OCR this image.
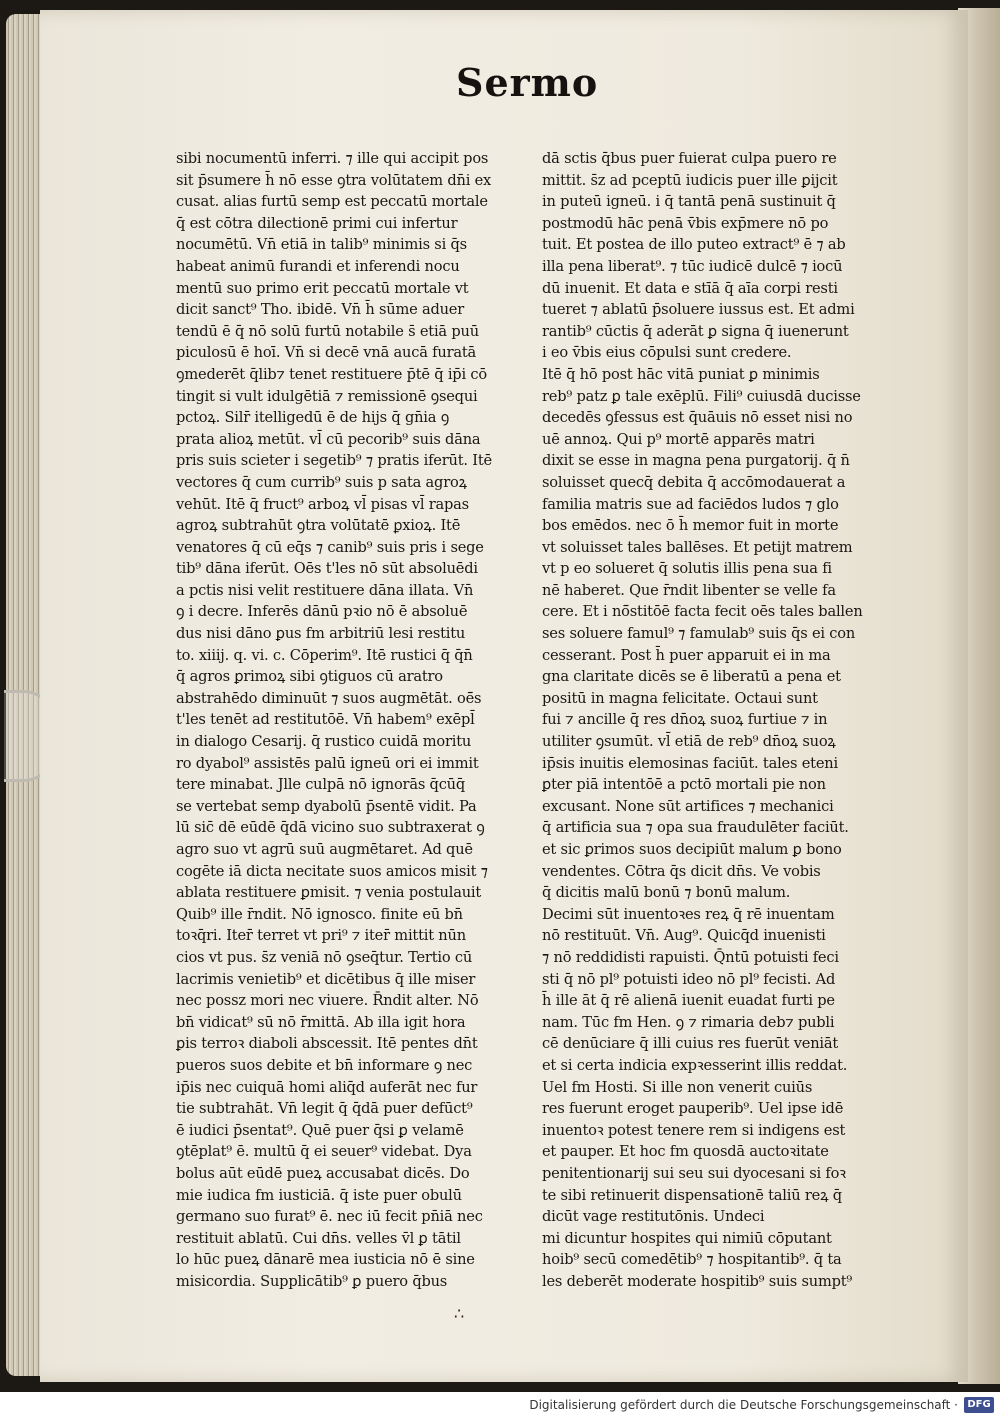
Sermo
sibi nocumentū inferri. ⁊ ille qui accipit pos
sit p̄sumere h̄ nō esse ꝯtra volūtatem dn̄i ex
cusat. alias furtū semp est peccatū mortale
q̄ est cōtra dilectionē primi cui infertur
nocumētū. Vn̄ etiā in talib⁹ minimis si q̄s
habeat animū furandi et inferendi nocu
mentū suo primo erit peccatū mortale vt
dicit sanct⁹ Tho. ibidē. Vn̄ h̄ sūme aduer
tendū ē q̄ nō solū furtū notabile s̄ etiā puū
piculosū ē hoī. Vn̄ si decē vnā aucā furatā
ꝯmederēt q̄lib⁊ tenet restituere p̄tē q̄ ip̄i cō
tingit si vult idulgētiā ⁊ remissionē ꝯsequi
pctoꝝ. Silr̄ itelligedū ē de hijs q̄ gn̄ia ꝯ
prata alioꝝ metūt. vl̄ cū pecorib⁹ suis dāna
pris suis scieter i segetib⁹ ⁊ pratis iferūt. Itē
vectores q̄ cum currib⁹ suis p sata agroꝝ
vehūt. Itē q̄ fruct⁹ arboꝝ vl̄ pisas vl̄ rapas
agroꝝ subtrahūt ꝯtra volūtatē ꝑxioꝝ. Itē
venatores q̄ cū eq̄s ⁊ canib⁹ suis pris i sege
tib⁹ dāna iferūt. Oēs t'les nō sūt absoluēdi
a pctis nisi velit restituere dāna illata. Vn̄
ꝯ i decre. Inferēs dānū pꝛio nō ē absoluē
dus nisi dāno ꝑus fm arbitriū lesi restitu
to. xiiij. q. vi. c. Cōperim⁹. Itē rustici q̄ q̄n̄
q̄ agros ꝑrimoꝝ sibi ꝯtiguos cū aratro
abstrahēdo diminuūt ⁊ suos augmētāt. oē̄s
t'les tenēt ad restitutōē. Vn̄ habem⁹ exēpl̄
in dialogo Cesarij. q̄ rustico cuidā moritu
ro dyabol⁹ assistēs palū igneū ori ei immit
tere minabat. Jlle culpā nō ignorās q̄cūq̄
se vertebat semp dyabolū p̄sentē vidit. Pa
lū sic̄ dē eūdē q̄dā vicino suo subtraxerat ꝯ
agro suo vt agrū suū augmētaret. Ad quē
cogēte iā dicta necitate suos amicos misit ⁊
ablata restituere ꝑmisit. ⁊ venia postulauit
Quib⁹ ille r̄ndit. Nō ignosco. finite eū bn̄
toꝛq̄ri. Iter̄ terret vt pri⁹ ⁊ iter̄ mittit nūn
cios vt pus. s̄z veniā nō ꝯseq̄tur. Tertio cū
lacrimis venietib⁹ et dicētibus q̄ ille miser
nec possz mori nec viuere. R̄ndit alter. Nō
bn̄ vidicat⁹ sū nō r̄mittā. Ab illa igit hora
ꝑis terroꝛ diaboli abscessit. Itē pentes dn̄t
pueros suos debite et bn̄ informare ꝯ nec
ip̄is nec cuiquā homi aliq̄d auferāt nec fur
tie subtrahāt. Vn̄ legit q̄ q̄dā puer defūct⁹
ē iudici p̄sentat⁹. Quē puer q̄si ꝑ velamē
ꝯtēplat⁹ ē. multū q̄ ei seuer⁹ videbat. Dya
bolus aūt eūdē pueꝝ accusabat dicēs. Do
mie iudica fm iusticiā. q̄ iste puer obulū
germano suo furat⁹ ē. nec iū fecit pn̄iā nec
restituit ablatū. Cui dn̄s. velles v̄l ꝑ tātil
lo hūc pueꝝ dānarē mea iusticia nō ē sine
misicordia. Supplicātib⁹ ꝑ puero q̄bus
dā sctis q̄bus puer fuierat culpa puero re
mittit. s̄z ad pceptū iudicis puer ille ꝑijcit
in puteū igneū. i q̄ tantā penā sustinuit q̄
postmodū hāc penā v̄bis exp̄mere nō po
tuit. Et postea de illo puteo extract⁹ ē ⁊ ab
illa pena liberat⁹. ⁊ tūc iudicē dulcē ⁊ iocū
dū inuenit. Et data e stīā q̄ aīa corpi resti
tueret ⁊ ablatū p̄soluere iussus est. Et admi
rantib⁹ cūctis q̄ aderāt ꝑ signa q̄ iuenerunt
i eo v̄bis eius cōpulsi sunt credere.
Itē q̄ hō post hāc vitā puniat ꝑ minimis
reb⁹ patz ꝑ tale exēplū. Fili⁹ cuiusdā ducisse
decedēs ꝯfessus est q̄uāuis nō esset nisi no
uē annoꝝ. Qui p⁹ mortē apparēs matri
dixit se esse in magna pena purgatorij. q̄ n̄
soluisset quecq̄ debita q̄ accōmodauerat a
familia matris sue ad faciēdos ludos ⁊ glo
bos emēdos. nec ō h̄ memor fuit in morte
vt soluisset tales ballēses. Et petijt matrem
vt p eo solueret q̄ solutis illis pena sua fi
nē haberet. Que r̄ndit libenter se velle fa
cere. Et i nō̄stitōē facta fecit oēs tales ballen
ses soluere famul⁹ ⁊ famulab⁹ suis q̄s ei con
cesserant. Post h̄ puer apparuit ei in ma
gna claritate dicēs se ē liberatū a pena et
positū in magna felicitate. Octaui sunt
fui ⁊ ancille q̄ res dn̄oꝝ suoꝝ furtiue ⁊ in
utiliter ꝯsumūt. vl̄ etiā de reb⁹ dn̄oꝝ suoꝝ
ip̄sis inuitis elemosinas faciūt. tales eteni
ꝑter piā intentōē a pctō mortali pie non
excusant. None sūt artifices ⁊ mechanici
q̄ artificia sua ⁊ opa sua fraudulēter faciūt.
et sic ꝑrimos suos decipiūt malum ꝑ bono
vendentes. Cōtra q̄s dicit dn̄s. Ve vobis
q̄ dicitis malū bonū ⁊ bonū malum.
Decimi sūt inuentoꝛes reꝝ q̄ rē inuentam
nō restituūt. Vn̄. Aug⁹. Quicq̄d inuenisti
⁊ nō reddidisti rapuisti. Q̄ntū potuisti feci
sti q̄ nō pl⁹ potuisti ideo nō pl⁹ fecisti. Ad
h̄ ille āt q̄ rē alienā iuenit euadat furti pe
nam. Tūc fm Hen. ꝯ ⁊ rimaria deb⁊ publi
cē denūciare q̄ illi cuius res fuerūt veniāt
et si certa indicia expꝛesserint illis reddat.
Uel fm Hosti. Si ille non venerit cuiūs
res fuerunt eroget pauperib⁹. Uel ipse idē
inuentoꝛ potest tenere rem si indigens est
et pauper. Et hoc fm quosdā auctoꝛitate
penitentionarij sui seu sui dyocesani si foꝛ
te sibi retinuerit dispensationē taliū reꝝ q̄
dicūt vage restitutōnis. Undeci
mi dicuntur hospites qui nimiū cōputant
hoib⁹ secū comedētib⁹ ⁊ hospitantib⁹. q̄ ta
les deberēt moderate hospitib⁹ suis sumpt⁹
∴
Digitalisierung gefördert durch die Deutsche Forschungsgemeinschaft · DFG
